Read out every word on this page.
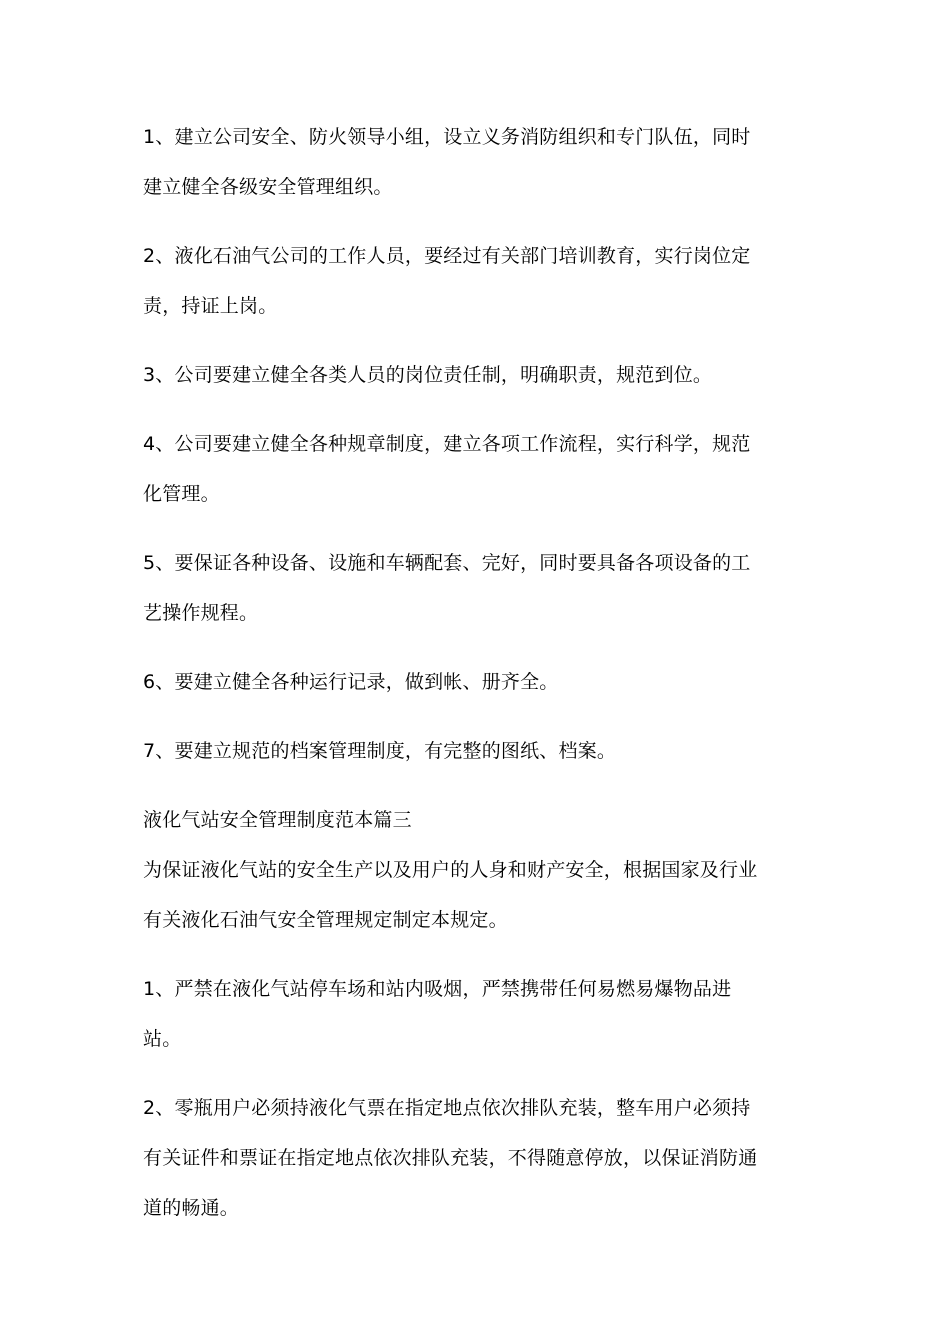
1、建立公司安全、防火领导小组，设立义务消防组织和专门队伍，同时
建立健全各级安全管理组织。
2、液化石油气公司的工作人员，要经过有关部门培训教育，实行岗位定
责，持证上岗。
3、公司要建立健全各类人员的岗位责任制，明确职责，规范到位。
4、公司要建立健全各种规章制度，建立各项工作流程，实行科学，规范
化管理。
5、要保证各种设备、设施和车辆配套、完好，同时要具备各项设备的工
艺操作规程。
6、要建立健全各种运行记录，做到帐、册齐全。
7、要建立规范的档案管理制度，有完整的图纸、档案。
液化气站安全管理制度范本篇三
为保证液化气站的安全生产以及用户的人身和财产安全，根据国家及行业
有关液化石油气安全管理规定制定本规定。
1、严禁在液化气站停车场和站内吸烟，严禁携带任何易燃易爆物品进
站。
2、零瓶用户必须持液化气票在指定地点依次排队充装，整车用户必须持
有关证件和票证在指定地点依次排队充装，不得随意停放，以保证消防通
道的畅通。
